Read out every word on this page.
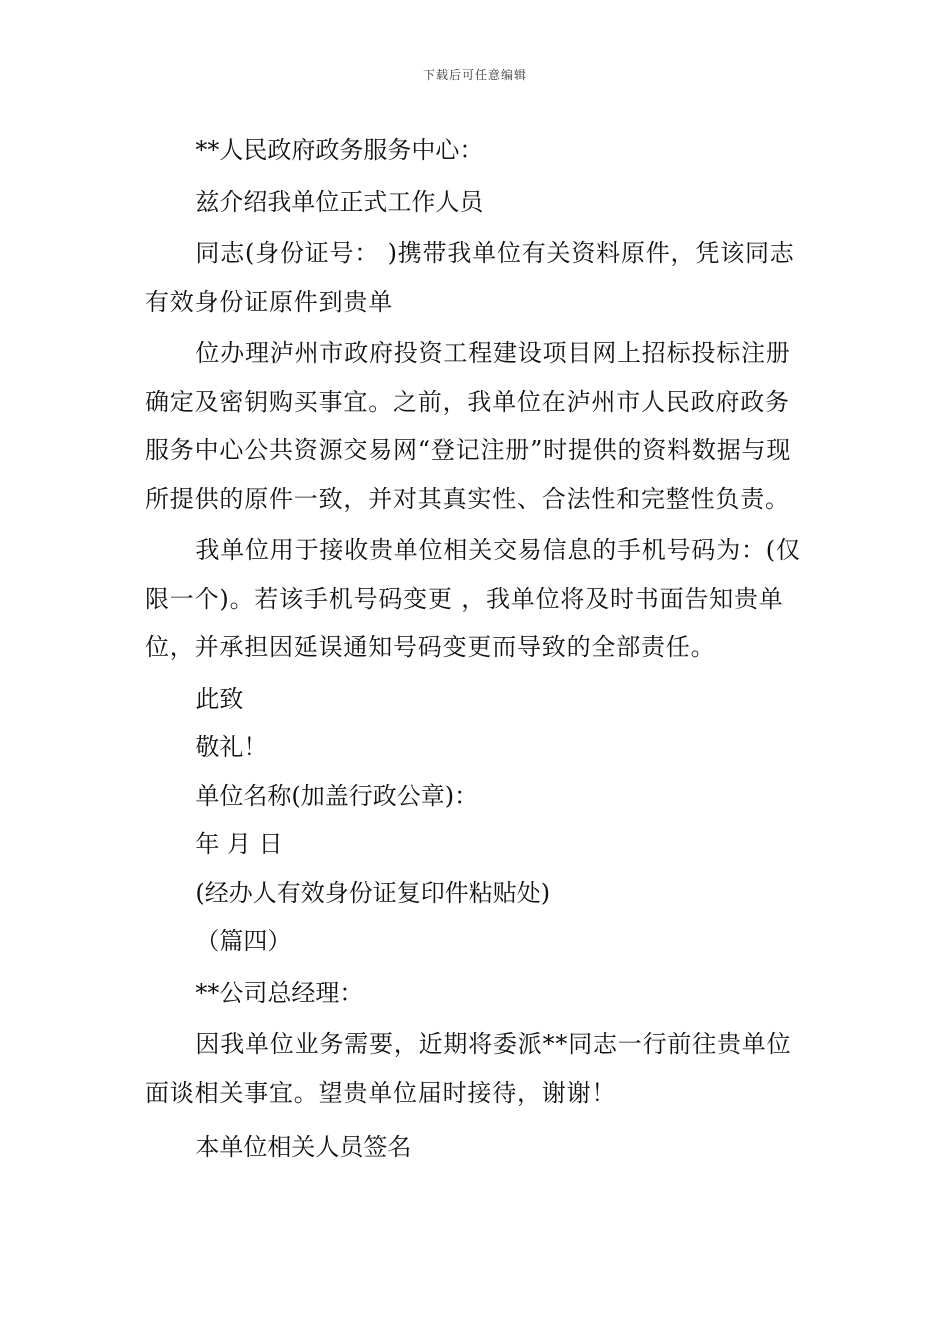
下载后可任意编辑

**人民政府政务服务中心：

兹介绍我单位正式工作人员

同志(身份证号： )携带我单位有关资料原件，凭该同志有效身份证原件到贵单

位办理泸州市政府投资工程建设项目网上招标投标注册确定及密钥购买事宜。之前，我单位在泸州市人民政府政务服务中心公共资源交易网“登记注册”时提供的资料数据与现所提供的原件一致，并对其真实性、合法性和完整性负责。

我单位用于接收贵单位相关交易信息的手机号码为：(仅限一个)。若该手机号码变更 ，我单位将及时书面告知贵单位，并承担因延误通知号码变更而导致的全部责任。

此致

敬礼！

单位名称(加盖行政公章)：

年 月 日

(经办人有效身份证复印件粘贴处)

（篇四）

**公司总经理：

因我单位业务需要，近期将委派**同志一行前往贵单位面谈相关事宜。望贵单位届时接待，谢谢！

本单位相关人员签名
